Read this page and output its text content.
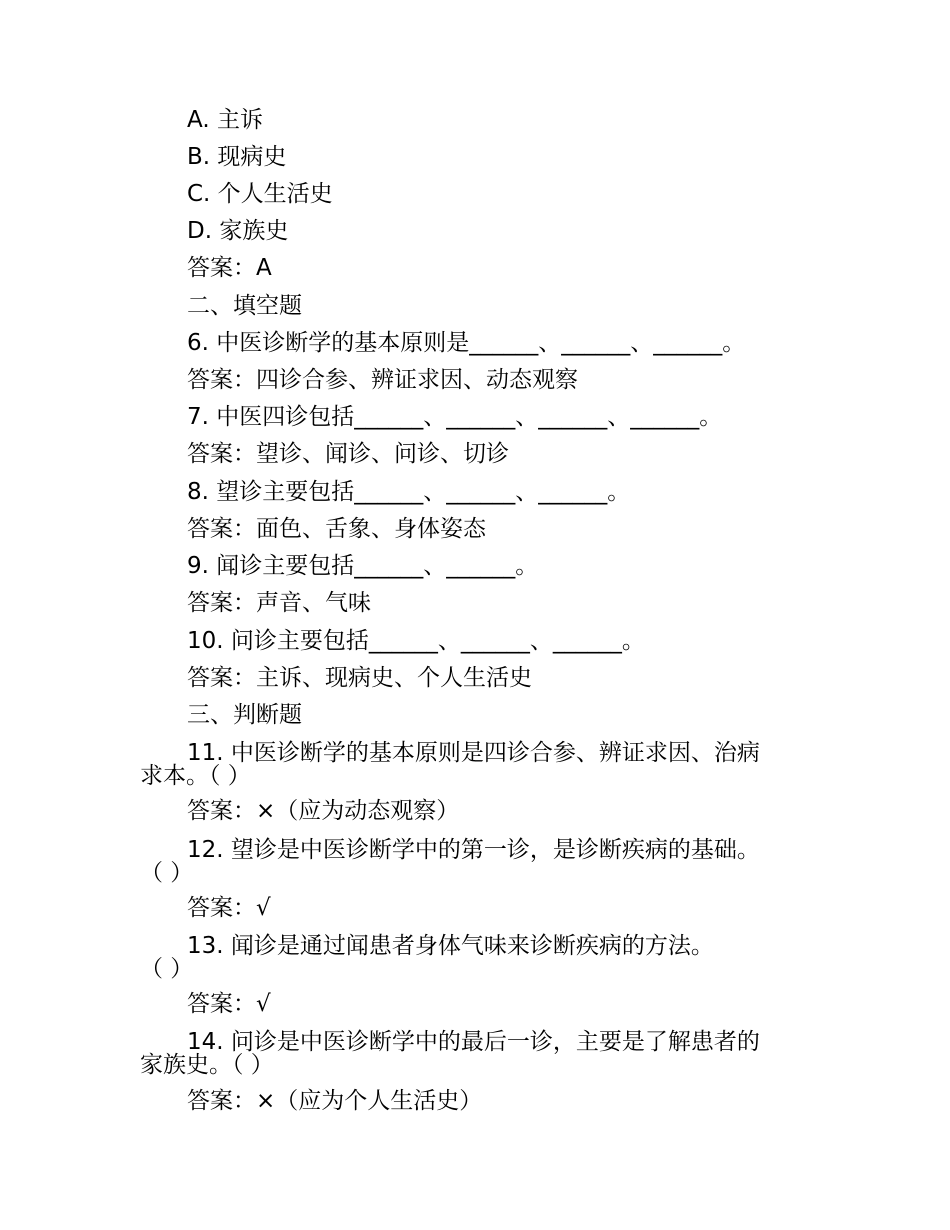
A. 主诉
B. 现病史
C. 个人生活史
D. 家族史
答案：A
二、填空题
6. 中医诊断学的基本原则是______、______、______。
答案：四诊合参、辨证求因、动态观察
7. 中医四诊包括______、______、______、______。
答案：望诊、闻诊、问诊、切诊
8. 望诊主要包括______、______、______。
答案：面色、舌象、身体姿态
9. 闻诊主要包括______、______。
答案：声音、气味
10. 问诊主要包括______、______、______。
答案：主诉、现病史、个人生活史
三、判断题
11. 中医诊断学的基本原则是四诊合参、辨证求因、治病
求本。（ ）
答案：×（应为动态观察）
12. 望诊是中医诊断学中的第一诊，是诊断疾病的基础。
（ ）
答案：√
13. 闻诊是通过闻患者身体气味来诊断疾病的方法。
（ ）
答案：√
14. 问诊是中医诊断学中的最后一诊，主要是了解患者的
家族史。（ ）
答案：×（应为个人生活史）
